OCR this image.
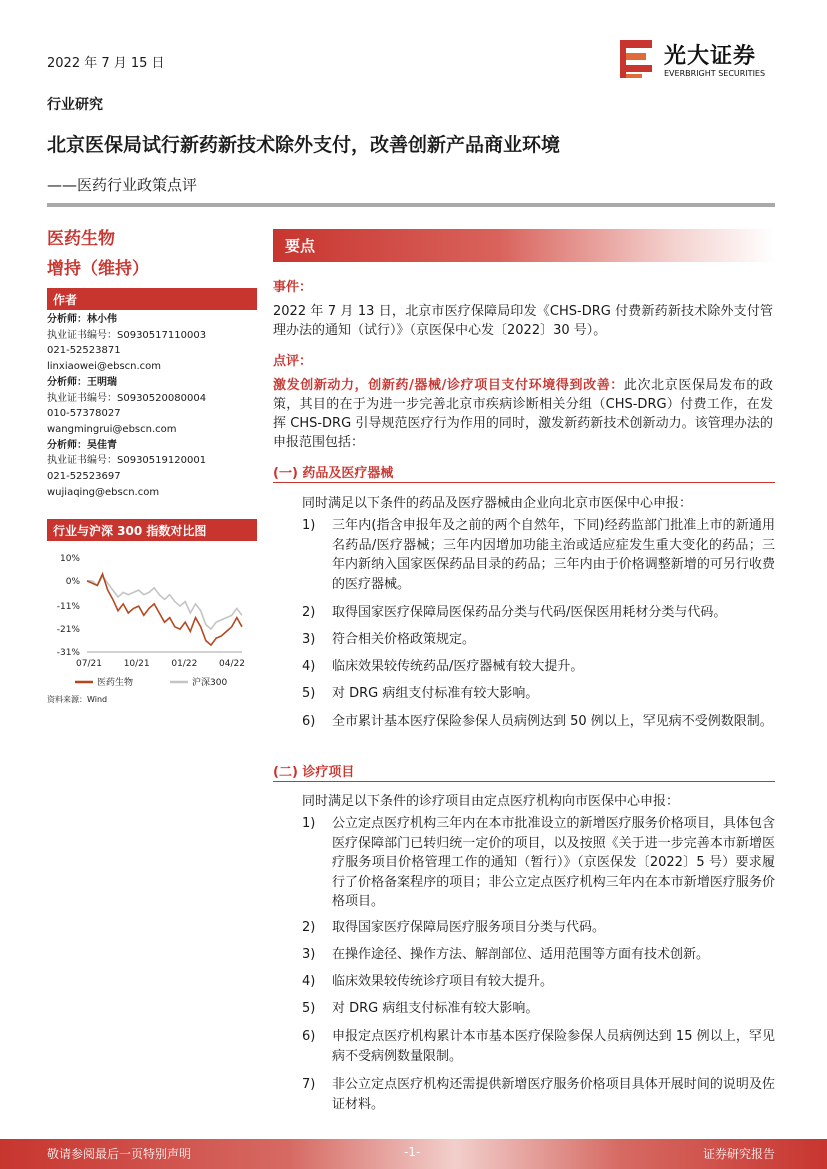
2022 年 7 月 15 日	光大证券
EVERBRIGHT SECURITIES
行业研究
北京医保局试行新药新技术除外支付，改善创新产品商业环境
——医药行业政策点评
医药生物
增持（维持）
作者
分析师：林小伟
执业证书编号：S0930517110003
021-52523871
linxiaowei@ebscn.com
分析师：王明瑞
执业证书编号：S0930520080004
010-57378027
wangmingrui@ebscn.com
分析师：吴佳青
执业证书编号：S0930519120001
021-52523697
wujiaqing@ebscn.com
行业与沪深 300 指数对比图
10%
0%
-11%
-21%
-31%
07/21 10/21 01/22 04/22
医药生物	沪深300
资料来源：Wind
要点
事件：
2022 年 7 月 13 日，北京市医疗保障局印发《CHS-DRG 付费新药新技术除外支付管理办法的通知（试行）》（京医保中心发〔2022〕30 号）。
点评：
激发创新动力，创新药/器械/诊疗项目支付环境得到改善：此次北京医保局发布的政策，其目的在于为进一步完善北京市疾病诊断相关分组（CHS-DRG）付费工作，在发挥 CHS-DRG 引导规范医疗行为作用的同时，激发新药新技术创新动力。该管理办法的申报范围包括：
(一) 药品及医疗器械
同时满足以下条件的药品及医疗器械由企业向北京市医保中心申报：
1) 三年内(指含申报年及之前的两个自然年，下同)经药监部门批准上市的新通用名药品/医疗器械；三年内因增加功能主治或适应症发生重大变化的药品；三年内新纳入国家医保药品目录的药品；三年内由于价格调整新增的可另行收费的医疗器械。
2) 取得国家医疗保障局医保药品分类与代码/医保医用耗材分类与代码。
3) 符合相关价格政策规定。
4) 临床效果较传统药品/医疗器械有较大提升。
5) 对 DRG 病组支付标准有较大影响。
6) 全市累计基本医疗保险参保人员病例达到 50 例以上，罕见病不受例数限制。
(二) 诊疗项目
同时满足以下条件的诊疗项目由定点医疗机构向市医保中心申报：
1) 公立定点医疗机构三年内在本市批准设立的新增医疗服务价格项目，具体包含医疗保障部门已转归统一定价的项目，以及按照《关于进一步完善本市新增医疗服务项目价格管理工作的通知（暂行）》（京医保发〔2022〕5 号）要求履行了价格备案程序的项目；非公立定点医疗机构三年内在本市新增医疗服务价格项目。
2) 取得国家医疗保障局医疗服务项目分类与代码。
3) 在操作途径、操作方法、解剖部位、适用范围等方面有技术创新。
4) 临床效果较传统诊疗项目有较大提升。
5) 对 DRG 病组支付标准有较大影响。
6) 申报定点医疗机构累计本市基本医疗保险参保人员病例达到 15 例以上，罕见病不受病例数量限制。
7) 非公立定点医疗机构还需提供新增医疗服务价格项目具体开展时间的说明及佐证材料。
敬请参阅最后一页特别声明	-1-	证券研究报告
